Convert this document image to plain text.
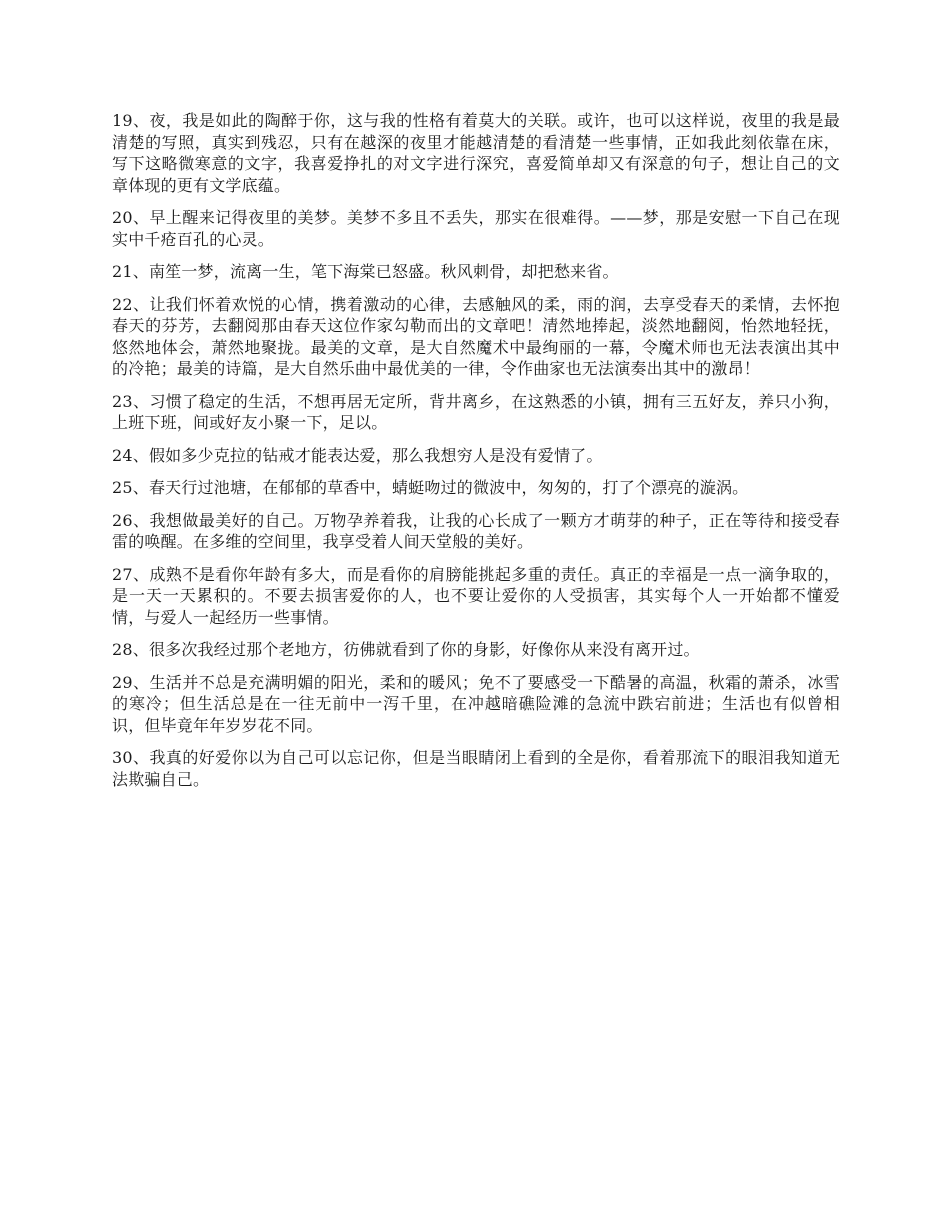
19、夜，我是如此的陶醉于你，这与我的性格有着莫大的关联。或许，也可以这样说，夜里的我是最清楚的写照，真实到残忍，只有在越深的夜里才能越清楚的看清楚一些事情，正如我此刻依靠在床，写下这略微寒意的文字，我喜爱挣扎的对文字进行深究，喜爱简单却又有深意的句子，想让自己的文章体现的更有文学底蕴。

20、早上醒来记得夜里的美梦。美梦不多且不丢失，那实在很难得。——梦，那是安慰一下自己在现实中千疮百孔的心灵。

21、南笙一梦，流离一生，笔下海棠已怒盛。秋风刺骨，却把愁来省。

22、让我们怀着欢悦的心情，携着激动的心律，去感触风的柔，雨的润，去享受春天的柔情，去怀抱春天的芬芳，去翻阅那由春天这位作家勾勒而出的文章吧！清然地捧起，淡然地翻阅，怡然地轻抚，悠然地体会，萧然地聚拢。最美的文章，是大自然魔术中最绚丽的一幕，令魔术师也无法表演出其中的冷艳；最美的诗篇，是大自然乐曲中最优美的一律，令作曲家也无法演奏出其中的激昂！

23、习惯了稳定的生活，不想再居无定所，背井离乡，在这熟悉的小镇，拥有三五好友，养只小狗，上班下班，间或好友小聚一下，足以。

24、假如多少克拉的钻戒才能表达爱，那么我想穷人是没有爱情了。

25、春天行过池塘，在郁郁的草香中，蜻蜓吻过的微波中，匆匆的，打了个漂亮的漩涡。

26、我想做最美好的自己。万物孕养着我，让我的心长成了一颗方才萌芽的种子，正在等待和接受春雷的唤醒。在多维的空间里，我享受着人间天堂般的美好。

27、成熟不是看你年龄有多大，而是看你的肩膀能挑起多重的责任。真正的幸福是一点一滴争取的，是一天一天累积的。不要去损害爱你的人，也不要让爱你的人受损害，其实每个人一开始都不懂爱情，与爱人一起经历一些事情。

28、很多次我经过那个老地方，彷佛就看到了你的身影，好像你从来没有离开过。

29、生活并不总是充满明媚的阳光，柔和的暖风；免不了要感受一下酷暑的高温，秋霜的萧杀，冰雪的寒冷；但生活总是在一往无前中一泻千里，在冲越暗礁险滩的急流中跌宕前进；生活也有似曾相识，但毕竟年年岁岁花不同。

30、我真的好爱你以为自己可以忘记你，但是当眼睛闭上看到的全是你，看着那流下的眼泪我知道无法欺骗自己。
